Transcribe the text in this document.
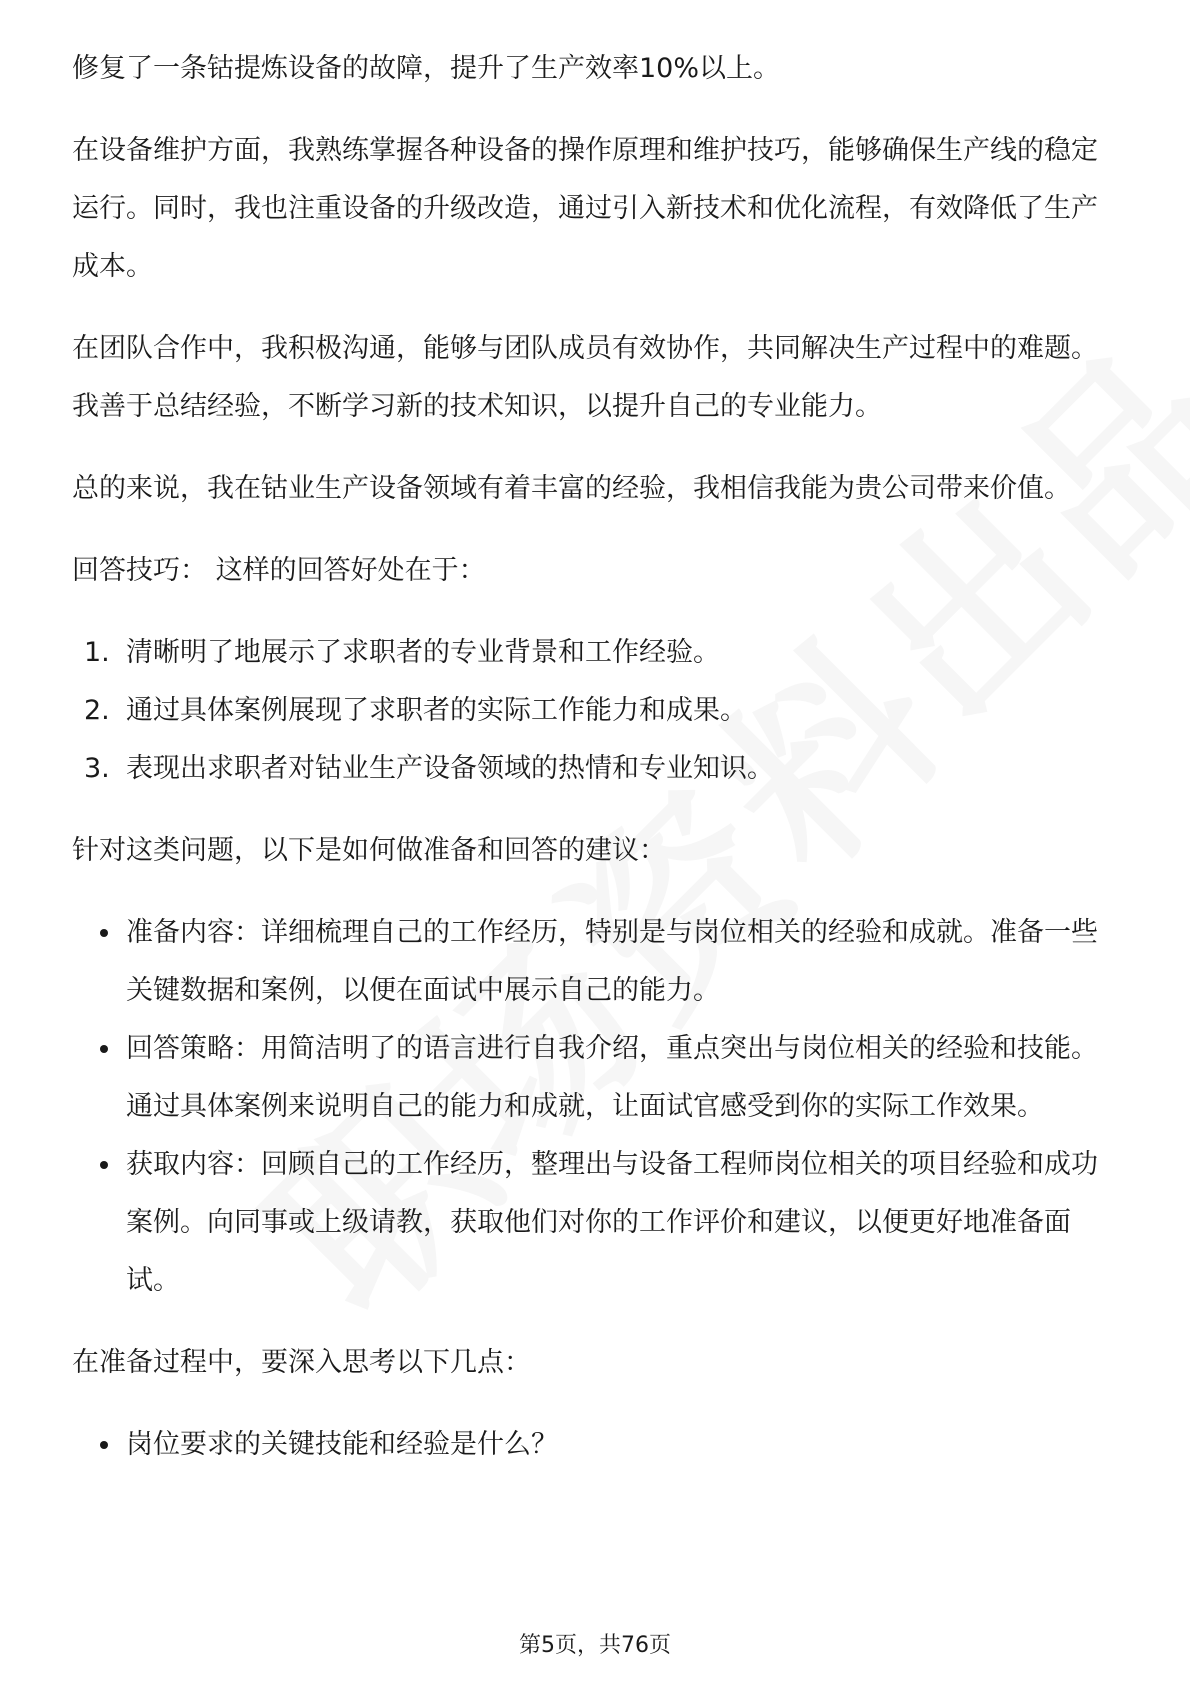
修复了一条钴提炼设备的故障，提升了生产效率10%以上。

在设备维护方面，我熟练掌握各种设备的操作原理和维护技巧，能够确保生产线的稳定运行。同时，我也注重设备的升级改造，通过引入新技术和优化流程，有效降低了生产成本。

在团队合作中，我积极沟通，能够与团队成员有效协作，共同解决生产过程中的难题。我善于总结经验，不断学习新的技术知识，以提升自己的专业能力。

总的来说，我在钴业生产设备领域有着丰富的经验，我相信我能为贵公司带来价值。

回答技巧： 这样的回答好处在于：

1. 清晰明了地展示了求职者的专业背景和工作经验。
2. 通过具体案例展现了求职者的实际工作能力和成果。
3. 表现出求职者对钴业生产设备领域的热情和专业知识。

针对这类问题，以下是如何做准备和回答的建议：

准备内容：详细梳理自己的工作经历，特别是与岗位相关的经验和成就。准备一些关键数据和案例，以便在面试中展示自己的能力。
回答策略：用简洁明了的语言进行自我介绍，重点突出与岗位相关的经验和技能。通过具体案例来说明自己的能力和成就，让面试官感受到你的实际工作效果。
获取内容：回顾自己的工作经历，整理出与设备工程师岗位相关的项目经验和成功案例。向同事或上级请教，获取他们对你的工作评价和建议，以便更好地准备面试。

在准备过程中，要深入思考以下几点：

岗位要求的关键技能和经验是什么？
第5页，共76页
